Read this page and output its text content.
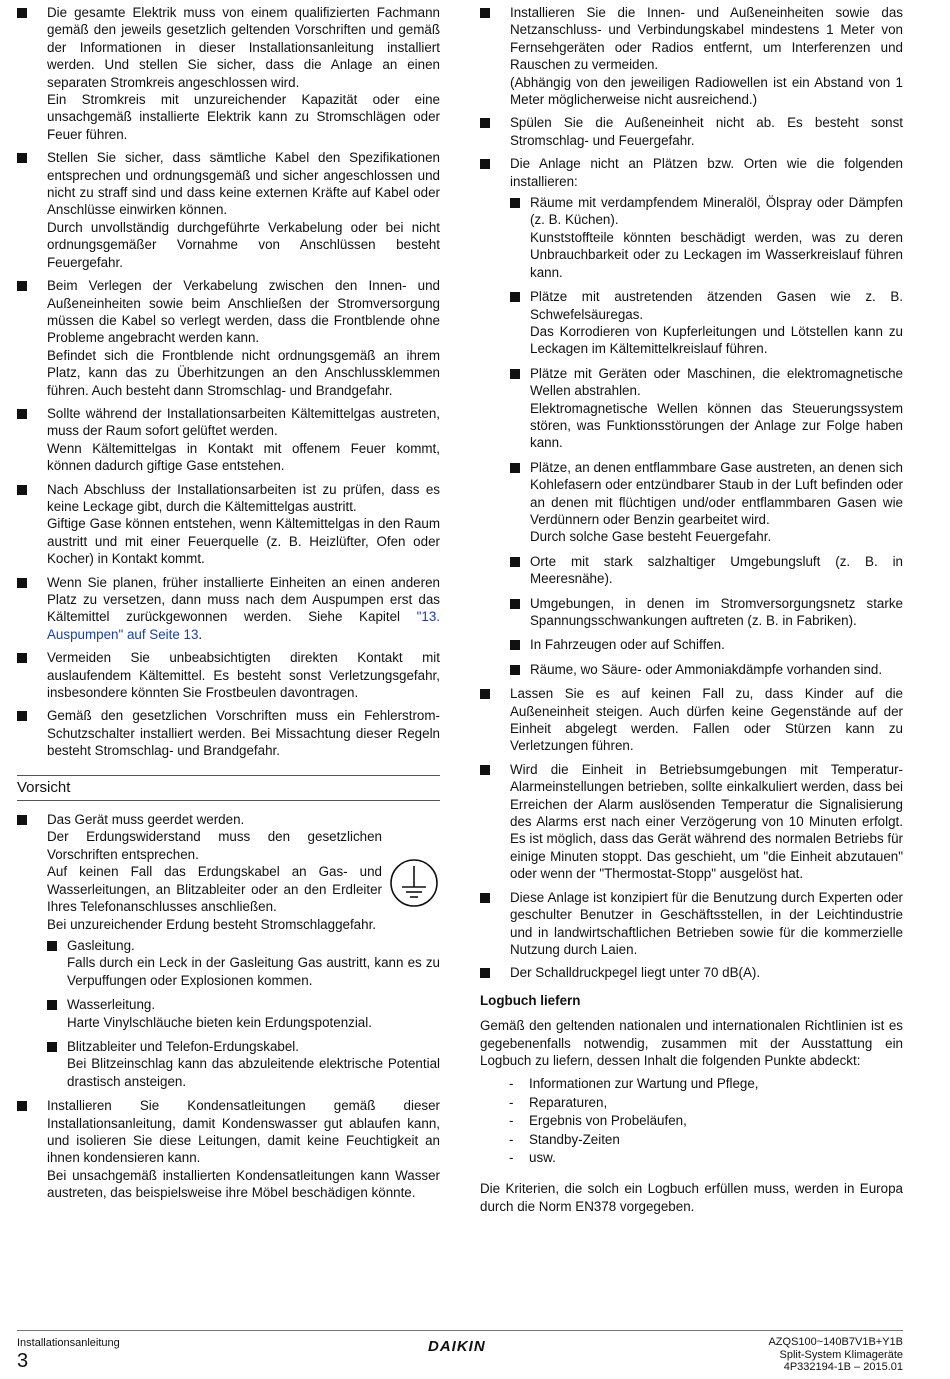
Die gesamte Elektrik muss von einem qualifizierten Fachmann gemäß den jeweils gesetzlich geltenden Vorschriften und gemäß der Informationen in dieser Installationsanleitung installiert werden. Und stellen Sie sicher, dass die Anlage an einen separaten Stromkreis angeschlossen wird.

Ein Stromkreis mit unzureichender Kapazität oder eine unsachgemäß installierte Elektrik kann zu Stromschlägen oder Feuer führen.

Stellen Sie sicher, dass sämtliche Kabel den Spezifikationen entsprechen und ordnungsgemäß und sicher angeschlossen und nicht zu straff sind und dass keine externen Kräfte auf Kabel oder Anschlüsse einwirken können.

Durch unvollständig durchgeführte Verkabelung oder bei nicht ordnungsgemäßer Vornahme von Anschlüssen besteht Feuergefahr.

Beim Verlegen der Verkabelung zwischen den Innen- und Außeneinheiten sowie beim Anschließen der Stromversorgung müssen die Kabel so verlegt werden, dass die Frontblende ohne Probleme angebracht werden kann.

Befindet sich die Frontblende nicht ordnungsgemäß an ihrem Platz, kann das zu Überhitzungen an den Anschlussklemmen führen. Auch besteht dann Stromschlag- und Brandgefahr.

Sollte während der Installationsarbeiten Kältemittelgas austreten, muss der Raum sofort gelüftet werden.

Wenn Kältemittelgas in Kontakt mit offenem Feuer kommt, können dadurch giftige Gase entstehen.

Nach Abschluss der Installationsarbeiten ist zu prüfen, dass es keine Leckage gibt, durch die Kältemittelgas austritt.

Giftige Gase können entstehen, wenn Kältemittelgas in den Raum austritt und mit einer Feuerquelle (z. B. Heizlüfter, Ofen oder Kocher) in Kontakt kommt.

Wenn Sie planen, früher installierte Einheiten an einen anderen Platz zu versetzen, dann muss nach dem Auspumpen erst das Kältemittel zurückgewonnen werden. Siehe Kapitel "13. Auspumpen" auf Seite 13.

Vermeiden Sie unbeabsichtigten direkten Kontakt mit auslaufendem Kältemittel. Es besteht sonst Verletzungsgefahr, insbesondere könnten Sie Frostbeulen davontragen.

Gemäß den gesetzlichen Vorschriften muss ein Fehlerstrom-Schutzschalter installiert werden. Bei Missachtung dieser Regeln besteht Stromschlag- und Brandgefahr.

Vorsicht

Das Gerät muss geerdet werden.

Der Erdungswiderstand muss den gesetzlichen Vorschriften entsprechen.

Auf keinen Fall das Erdungskabel an Gas- und Wasserleitungen, an Blitzableiter oder an den Erdleiter Ihres Telefonanschlusses anschließen.

Bei unzureichender Erdung besteht Stromschlaggefahr.

Gasleitung.

Falls durch ein Leck in der Gasleitung Gas austritt, kann es zu Verpuffungen oder Explosionen kommen.

Wasserleitung.

Harte Vinylschläuche bieten kein Erdungspotenzial.

Blitzableiter und Telefon-Erdungskabel.

Bei Blitzeinschlag kann das abzuleitende elektrische Potential drastisch ansteigen.

Installieren Sie Kondensatleitungen gemäß dieser Installationsanleitung, damit Kondenswasser gut ablaufen kann, und isolieren Sie diese Leitungen, damit keine Feuchtigkeit an ihnen kondensieren kann.

Bei unsachgemäß installierten Kondensatleitungen kann Wasser austreten, das beispielsweise ihre Möbel beschädigen könnte.

Installieren Sie die Innen- und Außeneinheiten sowie das Netzanschluss- und Verbindungskabel mindestens 1 Meter von Fernsehgeräten oder Radios entfernt, um Interferenzen und Rauschen zu vermeiden.

(Abhängig von den jeweiligen Radiowellen ist ein Abstand von 1 Meter möglicherweise nicht ausreichend.)

Spülen Sie die Außeneinheit nicht ab. Es besteht sonst Stromschlag- und Feuergefahr.

Die Anlage nicht an Plätzen bzw. Orten wie die folgenden installieren:

Räume mit verdampfendem Mineralöl, Ölspray oder Dämpfen (z. B. Küchen).

Kunststoffteile könnten beschädigt werden, was zu deren Unbrauchbarkeit oder zu Leckagen im Wasserkreislauf führen kann.

Plätze mit austretenden ätzenden Gasen wie z. B. Schwefelsäuregas.

Das Korrodieren von Kupferleitungen und Lötstellen kann zu Leckagen im Kältemittelkreislauf führen.

Plätze mit Geräten oder Maschinen, die elektromagnetische Wellen abstrahlen.

Elektromagnetische Wellen können das Steuerungssystem stören, was Funktionsstörungen der Anlage zur Folge haben kann.

Plätze, an denen entflammbare Gase austreten, an denen sich Kohlefasern oder entzündbarer Staub in der Luft befinden oder an denen mit flüchtigen und/oder entflammbaren Gasen wie Verdünnern oder Benzin gearbeitet wird.

Durch solche Gase besteht Feuergefahr.

Orte mit stark salzhaltiger Umgebungsluft (z. B. in Meeresnähe).

Umgebungen, in denen im Stromversorgungsnetz starke Spannungsschwankungen auftreten (z. B. in Fabriken).

In Fahrzeugen oder auf Schiffen.

Räume, wo Säure- oder Ammoniakdämpfe vorhanden sind.

Lassen Sie es auf keinen Fall zu, dass Kinder auf die Außeneinheit steigen. Auch dürfen keine Gegenstände auf der Einheit abgelegt werden. Fallen oder Stürzen kann zu Verletzungen führen.

Wird die Einheit in Betriebsumgebungen mit Temperatur-Alarmeinstellungen betrieben, sollte einkalkuliert werden, dass bei Erreichen der Alarm auslösenden Temperatur die Signalisierung des Alarms erst nach einer Verzögerung von 10 Minuten erfolgt. Es ist möglich, dass das Gerät während des normalen Betriebs für einige Minuten stoppt. Das geschieht, um "die Einheit abzutauen" oder wenn der "Thermostat-Stopp" ausgelöst hat.

Diese Anlage ist konzipiert für die Benutzung durch Experten oder geschulter Benutzer in Geschäftsstellen, in der Leichtindustrie und in landwirtschaftlichen Betrieben sowie für die kommerzielle Nutzung durch Laien.

Der Schalldruckpegel liegt unter 70 dB(A).

Logbuch liefern

Gemäß den geltenden nationalen und internationalen Richtlinien ist es gegebenenfalls notwendig, zusammen mit der Ausstattung ein Logbuch zu liefern, dessen Inhalt die folgenden Punkte abdeckt:

- Informationen zur Wartung und Pflege,
- Reparaturen,
- Ergebnis von Probeläufen,
- Standby-Zeiten
- usw.

Die Kriterien, die solch ein Logbuch erfüllen muss, werden in Europa durch die Norm EN378 vorgegeben.

Installationsanleitung
3
DAIKIN	AZQS100~140B7V1B+Y1B
Split-System Klimageräte
4P332194-1B – 2015.01
